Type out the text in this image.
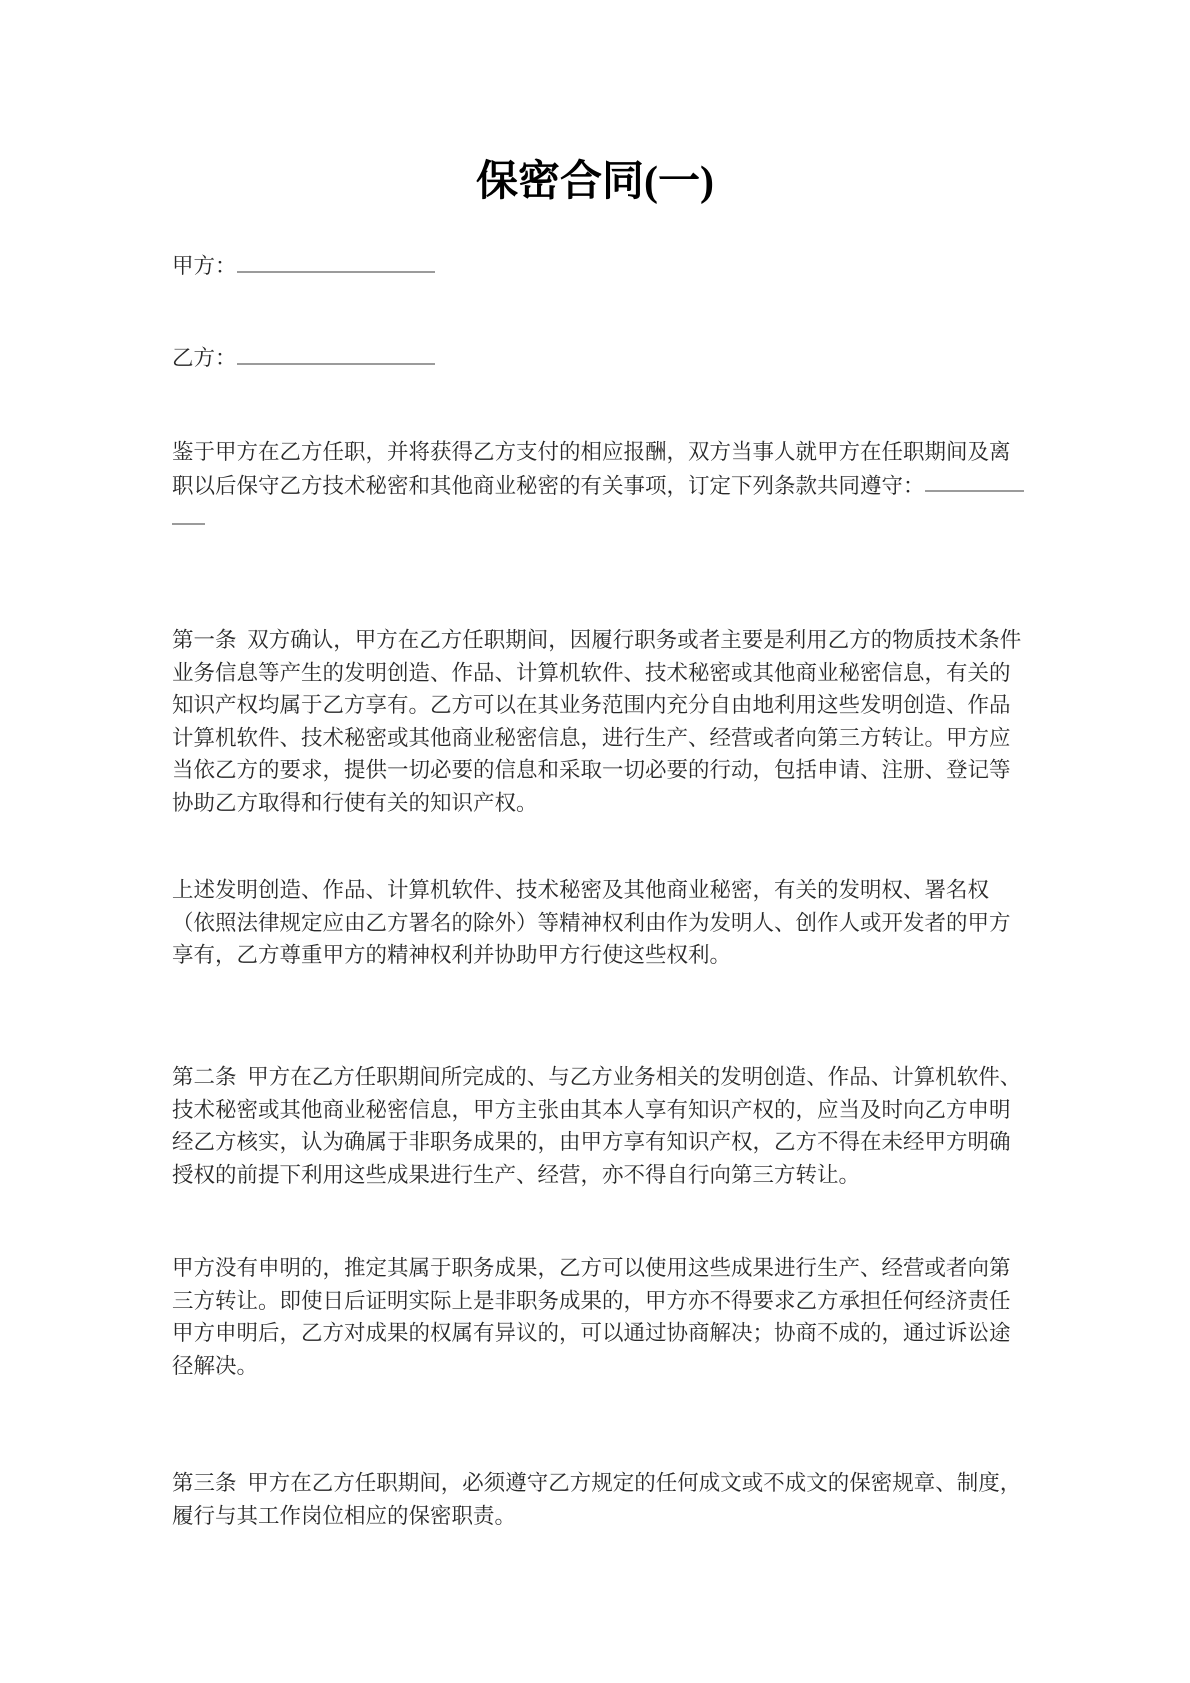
保密合同(一)
甲方：
乙方：
鉴于甲方在乙方任职，并将获得乙方支付的相应报酬，双方当事人就甲方在任职期间及离
职以后保守乙方技术秘密和其他商业秘密的有关事项，订定下列条款共同遵守：
第一条  双方确认，甲方在乙方任职期间，因履行职务或者主要是利用乙方的物质技术条件
业务信息等产生的发明创造、作品、计算机软件、技术秘密或其他商业秘密信息，有关的
知识产权均属于乙方享有。乙方可以在其业务范围内充分自由地利用这些发明创造、作品
计算机软件、技术秘密或其他商业秘密信息，进行生产、经营或者向第三方转让。甲方应
当依乙方的要求，提供一切必要的信息和采取一切必要的行动，包括申请、注册、登记等
协助乙方取得和行使有关的知识产权。
上述发明创造、作品、计算机软件、技术秘密及其他商业秘密，有关的发明权、署名权
（依照法律规定应由乙方署名的除外）等精神权利由作为发明人、创作人或开发者的甲方
享有，乙方尊重甲方的精神权利并协助甲方行使这些权利。
第二条  甲方在乙方任职期间所完成的、与乙方业务相关的发明创造、作品、计算机软件、
技术秘密或其他商业秘密信息，甲方主张由其本人享有知识产权的，应当及时向乙方申明
经乙方核实，认为确属于非职务成果的，由甲方享有知识产权，乙方不得在未经甲方明确
授权的前提下利用这些成果进行生产、经营，亦不得自行向第三方转让。
甲方没有申明的，推定其属于职务成果，乙方可以使用这些成果进行生产、经营或者向第
三方转让。即使日后证明实际上是非职务成果的，甲方亦不得要求乙方承担任何经济责任
甲方申明后，乙方对成果的权属有异议的，可以通过协商解决；协商不成的，通过诉讼途
径解决。
第三条  甲方在乙方任职期间，必须遵守乙方规定的任何成文或不成文的保密规章、制度，
履行与其工作岗位相应的保密职责。
